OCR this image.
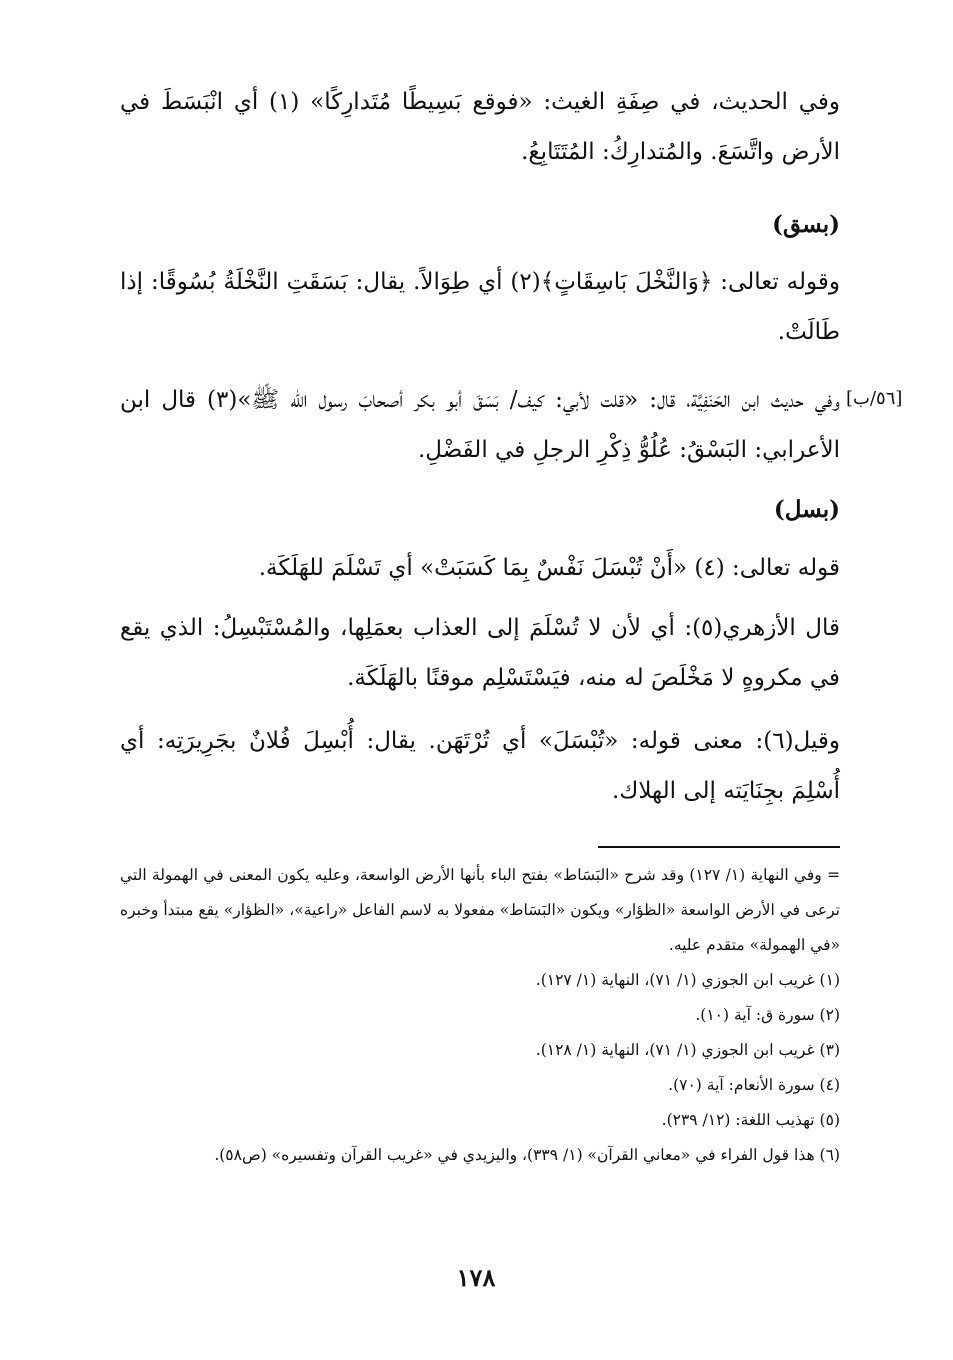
وفي الحديث، في صِفَةِ الغيث: «فوقع بَسِيطًا مُتَدارِكًا» (١) أي انْبَسَطَ في الأرض واتَّسَعَ. والمُتدارِكُ: المُتَتَابِعُ.
(بسق)
وقوله تعالى: ﴿وَالنَّخْلَ بَاسِقَاتٍ﴾(٢) أي طِوَالاً. يقال: بَسَقَتِ النَّخْلَةُ بُسُوقًا: إذا طَالَتْ.
[٥٦/ب]
وفي حديث ابن الحَنَفِيَّة، قال: «قلت لأبي: كيف/ بَسَقَ أبو بكر أصحابَ رسول الله ﷺ»(٣) قال ابن الأعرابي: البَسْقُ: عُلُوُّ ذِكْرِ الرجلِ في الفَضْلِ.
(بسل)
قوله تعالى: (٤) «أَنْ تُبْسَلَ نَفْسٌ بِمَا كَسَبَتْ» أي تَسْلَمَ للهَلَكَة.
قال الأزهري(٥): أي لأن لا تُسْلَمَ إلى العذاب بعمَلِها، والمُسْتَبْسِلُ: الذي يقع في مكروهٍ لا مَخْلَصَ له منه، فيَسْتَسْلِم موقنًا بالهَلَكَة.
وقيل(٦): معنى قوله: «تُبْسَلَ» أي تُرْتَهَن. يقال: أُبْسِلَ فُلانٌ بجَرِيرَتِه: أي أُسْلِمَ بجِنَايَته إلى الهلاك.

= وفي النهاية (١/ ١٢٧) وقد شرح «البَسَاط» بفتح الباء بأنها الأرض الواسعة، وعليه يكون المعنى في الهمولة التي ترعى في الأرض الواسعة «الظؤار» ويكون «البَسَاط» مفعولا به لاسم الفاعل «راعية»، «الظؤار» يقع مبتدأ وخبره «في الهمولة» متقدم عليه.

(١) غريب ابن الجوزي (١/ ٧١)، النهاية (١/ ١٢٧).

(٢) سورة ق: آية (١٠).

(٣) غريب ابن الجوزي (١/ ٧١)، النهاية (١/ ١٢٨).

(٤) سورة الأنعام: آية (٧٠).

(٥) تهذيب اللغة: (١٢/ ٢٣٩).

(٦) هذا قول الفراء في «معاني القرآن» (١/ ٣٣٩)، واليزيدي في «غريب القرآن وتفسيره» (ص٥٨).

١٧٨
